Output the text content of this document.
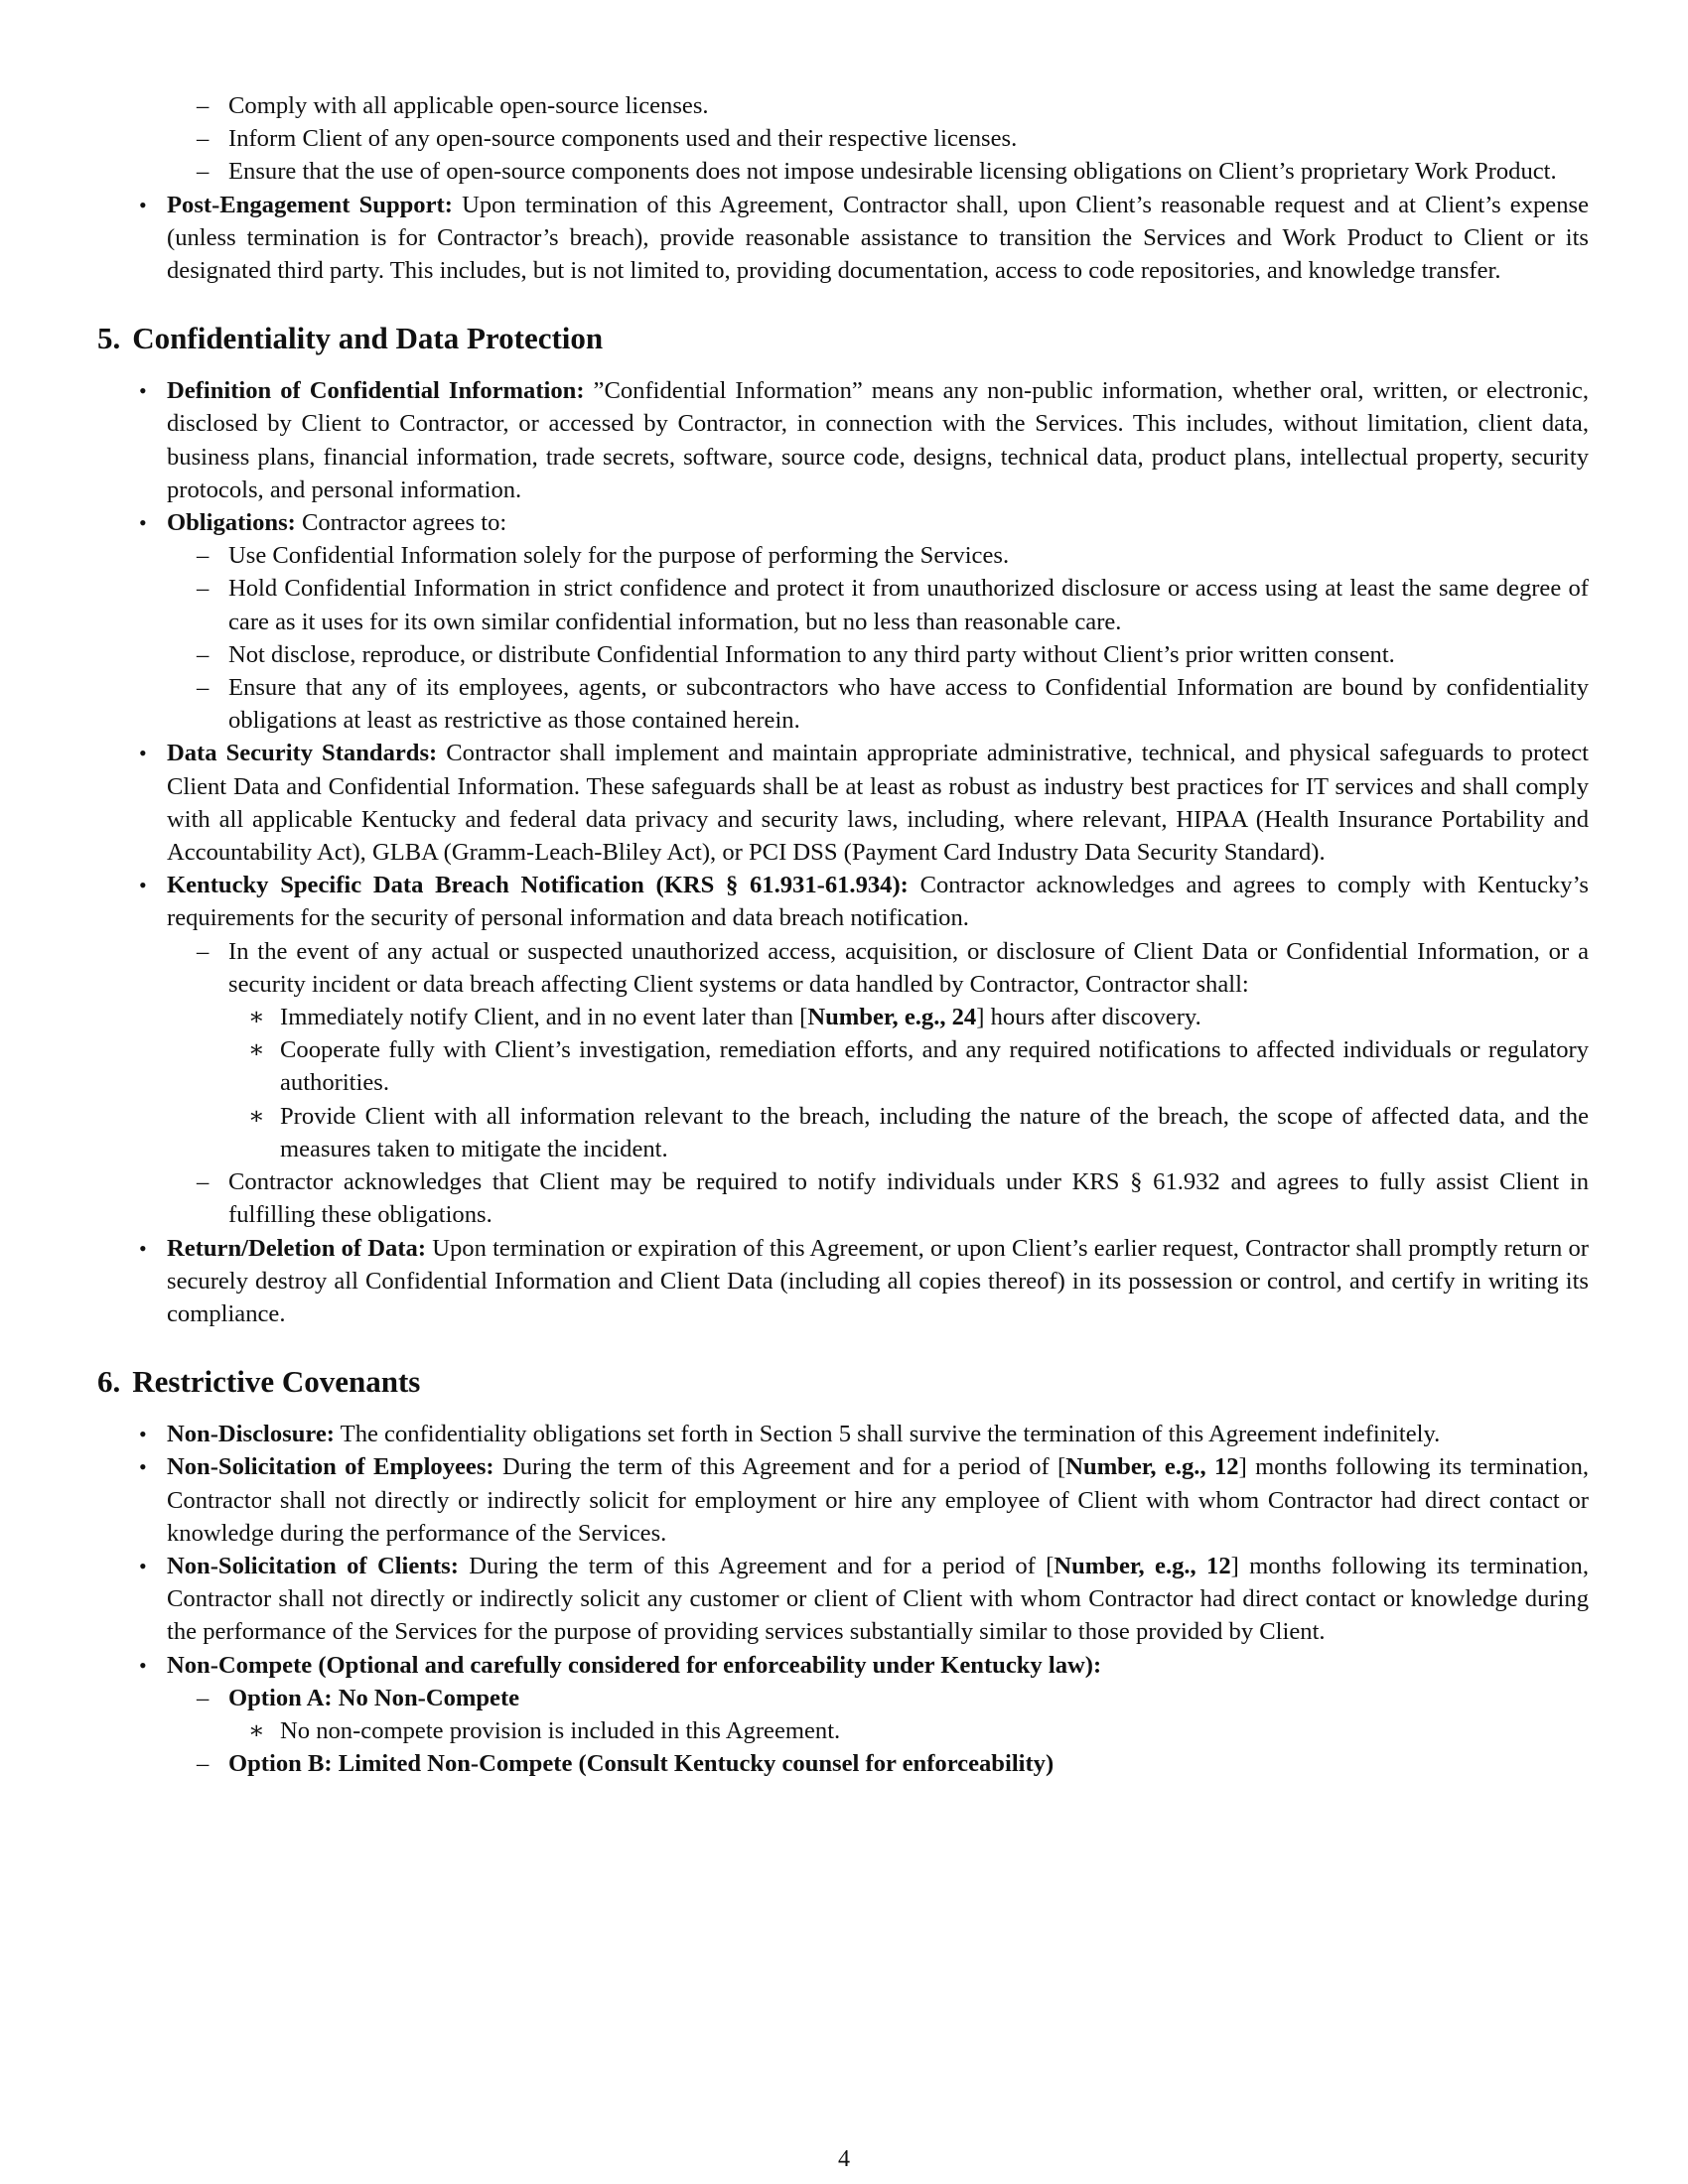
– Comply with all applicable open-source licenses.
– Inform Client of any open-source components used and their respective licenses.
– Ensure that the use of open-source components does not impose undesirable licensing obligations on Client’s proprietary Work Product.
• Post-Engagement Support: Upon termination of this Agreement, Contractor shall, upon Client’s reasonable request and at Client’s expense (unless termination is for Contractor’s breach), provide reasonable assistance to transition the Services and Work Product to Client or its designated third party. This includes, but is not limited to, providing documentation, access to code repositories, and knowledge transfer.
5. Confidentiality and Data Protection
• Definition of Confidential Information: ”Confidential Information” means any non-public information, whether oral, written, or electronic, disclosed by Client to Contractor, or accessed by Contractor, in connection with the Services. This includes, without limitation, client data, business plans, financial information, trade secrets, software, source code, designs, technical data, product plans, intellectual property, security protocols, and personal information.
• Obligations: Contractor agrees to:
– Use Confidential Information solely for the purpose of performing the Services.
– Hold Confidential Information in strict confidence and protect it from unauthorized disclosure or access using at least the same degree of care as it uses for its own similar confidential information, but no less than reasonable care.
– Not disclose, reproduce, or distribute Confidential Information to any third party without Client’s prior written consent.
– Ensure that any of its employees, agents, or subcontractors who have access to Confidential Information are bound by confidentiality obligations at least as restrictive as those contained herein.
• Data Security Standards: Contractor shall implement and maintain appropriate administrative, technical, and physical safeguards to protect Client Data and Confidential Information. These safeguards shall be at least as robust as industry best practices for IT services and shall comply with all applicable Kentucky and federal data privacy and security laws, including, where relevant, HIPAA (Health Insurance Portability and Accountability Act), GLBA (Gramm-Leach-Bliley Act), or PCI DSS (Payment Card Industry Data Security Standard).
• Kentucky Specific Data Breach Notification (KRS § 61.931-61.934): Contractor acknowledges and agrees to comply with Kentucky’s requirements for the security of personal information and data breach notification.
– In the event of any actual or suspected unauthorized access, acquisition, or disclosure of Client Data or Confidential Information, or a security incident or data breach affecting Client systems or data handled by Contractor, Contractor shall:
∗ Immediately notify Client, and in no event later than [Number, e.g., 24] hours after discovery.
∗ Cooperate fully with Client’s investigation, remediation efforts, and any required notifications to affected individuals or regulatory authorities.
∗ Provide Client with all information relevant to the breach, including the nature of the breach, the scope of affected data, and the measures taken to mitigate the incident.
– Contractor acknowledges that Client may be required to notify individuals under KRS § 61.932 and agrees to fully assist Client in fulfilling these obligations.
• Return/Deletion of Data: Upon termination or expiration of this Agreement, or upon Client’s earlier request, Contractor shall promptly return or securely destroy all Confidential Information and Client Data (including all copies thereof) in its possession or control, and certify in writing its compliance.
6. Restrictive Covenants
• Non-Disclosure: The confidentiality obligations set forth in Section 5 shall survive the termination of this Agreement indefinitely.
• Non-Solicitation of Employees: During the term of this Agreement and for a period of [Number, e.g., 12] months following its termination, Contractor shall not directly or indirectly solicit for employment or hire any employee of Client with whom Contractor had direct contact or knowledge during the performance of the Services.
• Non-Solicitation of Clients: During the term of this Agreement and for a period of [Number, e.g., 12] months following its termination, Contractor shall not directly or indirectly solicit any customer or client of Client with whom Contractor had direct contact or knowledge during the performance of the Services for the purpose of providing services substantially similar to those provided by Client.
• Non-Compete (Optional and carefully considered for enforceability under Kentucky law):
– Option A: No Non-Compete
∗ No non-compete provision is included in this Agreement.
– Option B: Limited Non-Compete (Consult Kentucky counsel for enforceability)
4
